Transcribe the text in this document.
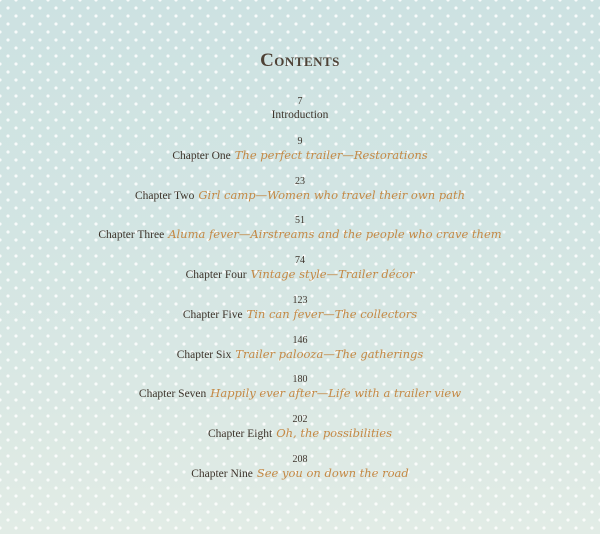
Contents
7
Introduction
9
Chapter One The perfect trailer—Restorations
23
Chapter Two Girl camp—Women who travel their own path
51
Chapter Three Aluma fever—Airstreams and the people who crave them
74
Chapter Four Vintage style—Trailer décor
123
Chapter Five Tin can fever—The collectors
146
Chapter Six Trailer palooza—The gatherings
180
Chapter Seven Happily ever after—Life with a trailer view
202
Chapter Eight Oh, the possibilities
208
Chapter Nine See you on down the road
